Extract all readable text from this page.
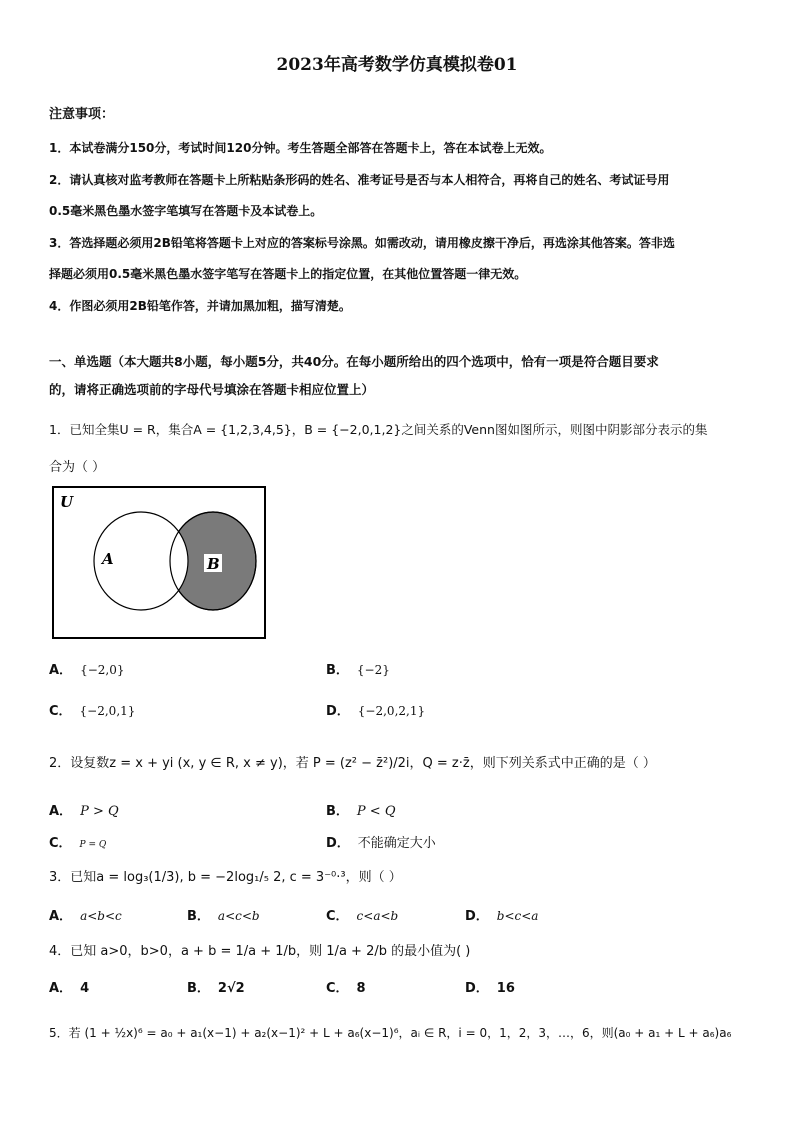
2023年高考数学仿真模拟卷01
注意事项：
1．本试卷满分150分，考试时间120分钟。考生答题全部答在答题卡上，答在本试卷上无效。
2．请认真核对监考教师在答题卡上所粘贴条形码的姓名、准考证号是否与本人相符合，再将自己的姓名、考试证号用
0.5毫米黑色墨水签字笔填写在答题卡及本试卷上。
3．答选择题必须用2B铅笔将答题卡上对应的答案标号涂黑。如需改动，请用橡皮擦干净后，再选涂其他答案。答非选
择题必须用0.5毫米黑色墨水签字笔写在答题卡上的指定位置，在其他位置答题一律无效。
4．作图必须用2B铅笔作答，并请加黑加粗，描写清楚。
一、单选题（本大题共8小题，每小题5分，共40分。在每小题所给出的四个选项中，恰有一项是符合题目要求
的，请将正确选项前的字母代号填涂在答题卡相应位置上）
1．已知全集U = R，集合A = {1,2,3,4,5}，B = {−2,0,1,2}之间关系的Venn图如图所示，则图中阴影部分表示的集
合为（ ）
U
A	B
A． {−2,0}	B． {−2}
C． {−2,0,1}	D． {−2,0,2,1}
2．设复数z = x + yi (x, y ∈ R, x ≠ y)，若 P = (z² − z̄²)/2i，Q = z·z̄，则下列关系式中正确的是（ ）
A． P > Q	B． P < Q
C． P = Q	D． 不能确定大小
3．已知a = log₃(1/3), b = −2log₁/₅ 2, c = 3⁻⁰·³，则（ ）
A． a<b<c	B． a<c<b	C． c<a<b	D． b<c<a
4．已知 a>0，b>0，a + b = 1/a + 1/b，则 1/a + 2/b 的最小值为( )
A． 4	B． 2√2	C． 8	D． 16
5．若 (1 + ½x)⁶ = a₀ + a₁(x−1) + a₂(x−1)² + L + a₆(x−1)⁶，aᵢ ∈ R，i = 0，1，2，3，…，6，则(a₀ + a₁ + L + a₆)a₆
